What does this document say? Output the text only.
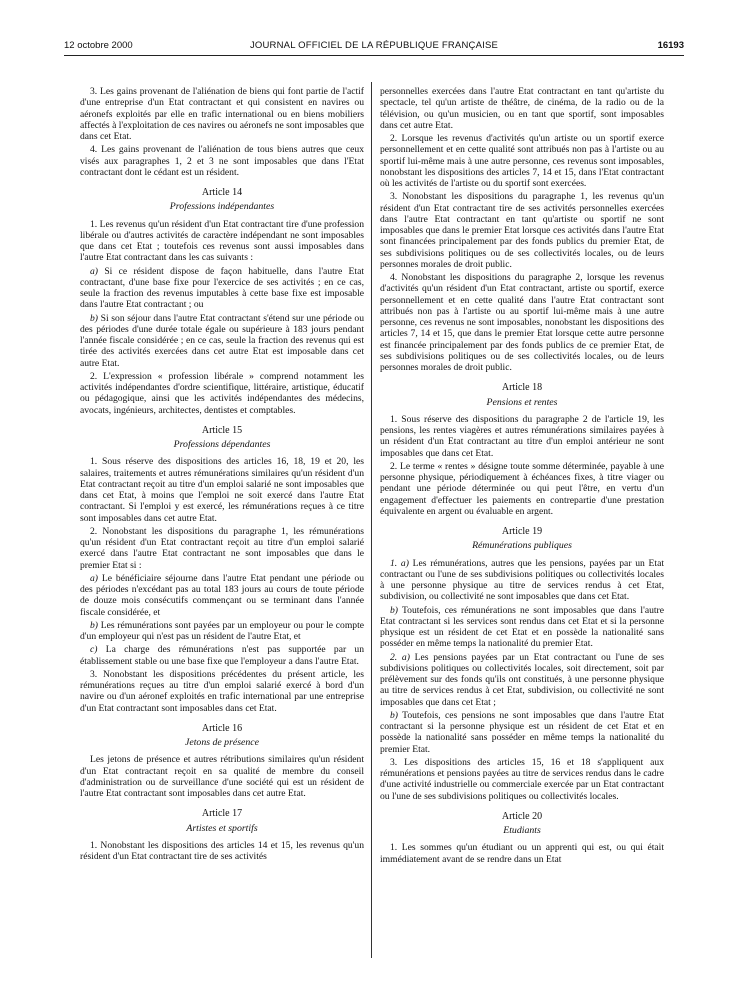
12 octobre 2000	JOURNAL OFFICIEL DE LA RÉPUBLIQUE FRANÇAISE	16193

3. Les gains provenant de l'aliénation de biens qui font partie de l'actif d'une entreprise d'un Etat contractant et qui consistent en navires ou aéronefs exploités par elle en trafic international ou en biens mobiliers affectés à l'exploitation de ces navires ou aéronefs ne sont imposables que dans cet Etat.

4. Les gains provenant de l'aliénation de tous biens autres que ceux visés aux paragraphes 1, 2 et 3 ne sont imposables que dans l'Etat contractant dont le cédant est un résident.

Article 14
Professions indépendantes

1. Les revenus qu'un résident d'un Etat contractant tire d'une profession libérale ou d'autres activités de caractère indépendant ne sont imposables que dans cet Etat ; toutefois ces revenus sont aussi imposables dans l'autre Etat contractant dans les cas suivants :

a) Si ce résident dispose de façon habituelle, dans l'autre Etat contractant, d'une base fixe pour l'exercice de ses activités ; en ce cas, seule la fraction des revenus imputables à cette base fixe est imposable dans l'autre Etat contractant ; ou

b) Si son séjour dans l'autre Etat contractant s'étend sur une période ou des périodes d'une durée totale égale ou supérieure à 183 jours pendant l'année fiscale considérée ; en ce cas, seule la fraction des revenus qui est tirée des activités exercées dans cet autre Etat est imposable dans cet autre Etat.

2. L'expression « profession libérale » comprend notamment les activités indépendantes d'ordre scientifique, littéraire, artistique, éducatif ou pédagogique, ainsi que les activités indépendantes des médecins, avocats, ingénieurs, architectes, dentistes et comptables.

Article 15
Professions dépendantes

1. Sous réserve des dispositions des articles 16, 18, 19 et 20, les salaires, traitements et autres rémunérations similaires qu'un résident d'un Etat contractant reçoit au titre d'un emploi salarié ne sont imposables que dans cet Etat, à moins que l'emploi ne soit exercé dans l'autre Etat contractant. Si l'emploi y est exercé, les rémunérations reçues à ce titre sont imposables dans cet autre Etat.

2. Nonobstant les dispositions du paragraphe 1, les rémunérations qu'un résident d'un Etat contractant reçoit au titre d'un emploi salarié exercé dans l'autre Etat contractant ne sont imposables que dans le premier Etat si :

a) Le bénéficiaire séjourne dans l'autre Etat pendant une période ou des périodes n'excédant pas au total 183 jours au cours de toute période de douze mois consécutifs commençant ou se terminant dans l'année fiscale considérée, et

b) Les rémunérations sont payées par un employeur ou pour le compte d'un employeur qui n'est pas un résident de l'autre Etat, et

c) La charge des rémunérations n'est pas supportée par un établissement stable ou une base fixe que l'employeur a dans l'autre Etat.

3. Nonobstant les dispositions précédentes du présent article, les rémunérations reçues au titre d'un emploi salarié exercé à bord d'un navire ou d'un aéronef exploités en trafic international par une entreprise d'un Etat contractant sont imposables dans cet Etat.

Article 16
Jetons de présence

Les jetons de présence et autres rétributions similaires qu'un résident d'un Etat contractant reçoit en sa qualité de membre du conseil d'administration ou de surveillance d'une société qui est un résident de l'autre Etat contractant sont imposables dans cet autre Etat.

Article 17
Artistes et sportifs

1. Nonobstant les dispositions des articles 14 et 15, les revenus qu'un résident d'un Etat contractant tire de ses activités

personnelles exercées dans l'autre Etat contractant en tant qu'artiste du spectacle, tel qu'un artiste de théâtre, de cinéma, de la radio ou de la télévision, ou qu'un musicien, ou en tant que sportif, sont imposables dans cet autre Etat.

2. Lorsque les revenus d'activités qu'un artiste ou un sportif exerce personnellement et en cette qualité sont attribués non pas à l'artiste ou au sportif lui-même mais à une autre personne, ces revenus sont imposables, nonobstant les dispositions des articles 7, 14 et 15, dans l'Etat contractant où les activités de l'artiste ou du sportif sont exercées.

3. Nonobstant les dispositions du paragraphe 1, les revenus qu'un résident d'un Etat contractant tire de ses activités personnelles exercées dans l'autre Etat contractant en tant qu'artiste ou sportif ne sont imposables que dans le premier Etat lorsque ces activités dans l'autre Etat sont financées principalement par des fonds publics du premier Etat, de ses subdivisions politiques ou de ses collectivités locales, ou de leurs personnes morales de droit public.

4. Nonobstant les dispositions du paragraphe 2, lorsque les revenus d'activités qu'un résident d'un Etat contractant, artiste ou sportif, exerce personnellement et en cette qualité dans l'autre Etat contractant sont attribués non pas à l'artiste ou au sportif lui-même mais à une autre personne, ces revenus ne sont imposables, nonobstant les dispositions des articles 7, 14 et 15, que dans le premier Etat lorsque cette autre personne est financée principalement par des fonds publics de ce premier Etat, de ses subdivisions politiques ou de ses collectivités locales, ou de leurs personnes morales de droit public.

Article 18
Pensions et rentes

1. Sous réserve des dispositions du paragraphe 2 de l'article 19, les pensions, les rentes viagères et autres rémunérations similaires payées à un résident d'un Etat contractant au titre d'un emploi antérieur ne sont imposables que dans cet Etat.

2. Le terme « rentes » désigne toute somme déterminée, payable à une personne physique, périodiquement à échéances fixes, à titre viager ou pendant une période déterminée ou qui peut l'être, en vertu d'un engagement d'effectuer les paiements en contrepartie d'une prestation équivalente en argent ou évaluable en argent.

Article 19
Rémunérations publiques

1. a) Les rémunérations, autres que les pensions, payées par un Etat contractant ou l'une de ses subdivisions politiques ou collectivités locales à une personne physique au titre de services rendus à cet Etat, subdivision, ou collectivité ne sont imposables que dans cet Etat.

b) Toutefois, ces rémunérations ne sont imposables que dans l'autre Etat contractant si les services sont rendus dans cet Etat et si la personne physique est un résident de cet Etat et en possède la nationalité sans posséder en même temps la nationalité du premier Etat.

2. a) Les pensions payées par un Etat contractant ou l'une de ses subdivisions politiques ou collectivités locales, soit directement, soit par prélèvement sur des fonds qu'ils ont constitués, à une personne physique au titre de services rendus à cet Etat, subdivision, ou collectivité ne sont imposables que dans cet Etat ;

b) Toutefois, ces pensions ne sont imposables que dans l'autre Etat contractant si la personne physique est un résident de cet Etat et en possède la nationalité sans posséder en même temps la nationalité du premier Etat.

3. Les dispositions des articles 15, 16 et 18 s'appliquent aux rémunérations et pensions payées au titre de services rendus dans le cadre d'une activité industrielle ou commerciale exercée par un Etat contractant ou l'une de ses subdivisions politiques ou collectivités locales.

Article 20
Etudiants

1. Les sommes qu'un étudiant ou un apprenti qui est, ou qui était immédiatement avant de se rendre dans un Etat
